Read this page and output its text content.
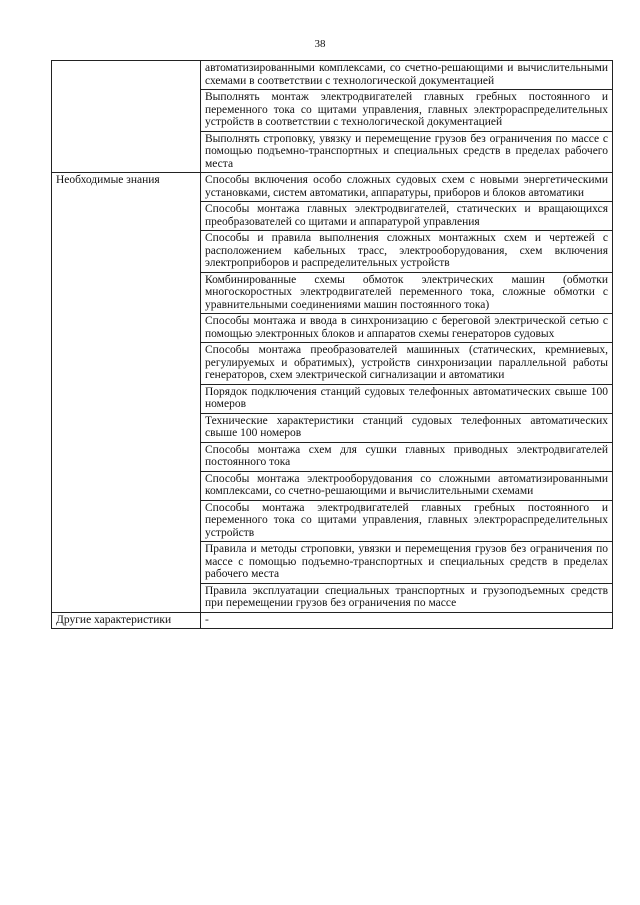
38
	автоматизированными комплексами, со счетно-решающими и вычислительными схемами в соответствии с технологической документацией
	Выполнять монтаж электродвигателей главных гребных постоянного и переменного тока со щитами управления, главных электрораспределительных устройств в соответствии с технологической документацией
	Выполнять строповку, увязку и перемещение грузов без ограничения по массе с помощью подъемно-транспортных и специальных средств в пределах рабочего места
Необходимые знания	Способы включения особо сложных судовых схем с новыми энергетическими установками, систем автоматики, аппаратуры, приборов и блоков автоматики
	Способы монтажа главных электродвигателей, статических и вращающихся преобразователей со щитами и аппаратурой управления
	Способы и правила выполнения сложных монтажных схем и чертежей с расположением кабельных трасс, электрооборудования, схем включения электроприборов и распределительных устройств
	Комбинированные схемы обмоток электрических машин (обмотки многоскоростных электродвигателей переменного тока, сложные обмотки с уравнительными соединениями машин постоянного тока)
	Способы монтажа и ввода в синхронизацию с береговой электрической сетью с помощью электронных блоков и аппаратов схемы генераторов судовых
	Способы монтажа преобразователей машинных (статических, кремниевых, регулируемых и обратимых), устройств синхронизации параллельной работы генераторов, схем электрической сигнализации и автоматики
	Порядок подключения станций судовых телефонных автоматических свыше 100 номеров
	Технические характеристики станций судовых телефонных автоматических свыше 100 номеров
	Способы монтажа схем для сушки главных приводных электродвигателей постоянного тока
	Способы монтажа электрооборудования со сложными автоматизированными комплексами, со счетно-решающими и вычислительными схемами
	Способы монтажа электродвигателей главных гребных постоянного и переменного тока со щитами управления, главных электрораспределительных устройств
	Правила и методы строповки, увязки и перемещения грузов без ограничения по массе с помощью подъемно-транспортных и специальных средств в пределах рабочего места
	Правила эксплуатации специальных транспортных и грузоподъемных средств при перемещении грузов без ограничения по массе
Другие характеристики	-
